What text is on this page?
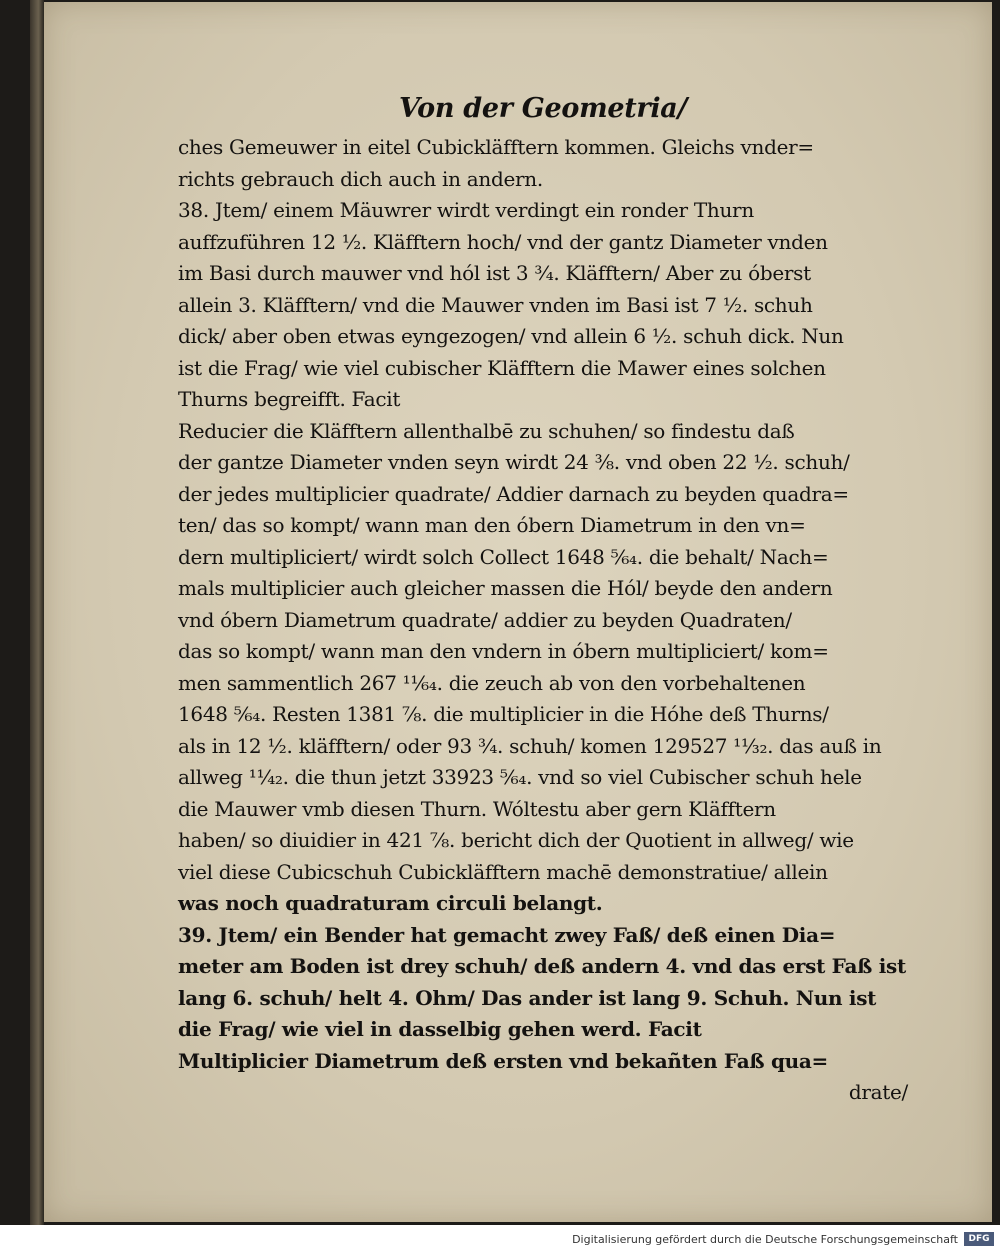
Von der Geometria/
ches Gemeuwer in eitel Cubickläfftern kommen. Gleichs vnder=
richts gebrauch dich auch in andern.
38. Jtem/ einem Mäuwrer wirdt verdingt ein ronder Thurn
auffzuführen 12 ½. Kläfftern hoch/ vnd der gantz Diameter vnden
im Basi durch mauwer vnd hól ist 3 ¾. Kläfftern/ Aber zu óberst
allein 3. Kläfftern/ vnd die Mauwer vnden im Basi ist 7 ½. schuh
dick/ aber oben etwas eyngezogen/ vnd allein 6 ½. schuh dick. Nun
ist die Frag/ wie viel cubischer Kläfftern die Mawer eines solchen
Thurns begreifft. Facit
Reducier die Kläfftern allenthalbē zu schuhen/ so findestu daß
der gantze Diameter vnden seyn wirdt 24 ⅜. vnd oben 22 ½. schuh/
der jedes multiplicier quadrate/ Addier darnach zu beyden quadra=
ten/ das so kompt/ wann man den óbern Diametrum in den vn=
dern multipliciert/ wirdt solch Collect 1648 ⁵⁄₆₄. die behalt/ Nach=
mals multiplicier auch gleicher massen die Hól/ beyde den andern
vnd óbern Diametrum quadrate/ addier zu beyden Quadraten/
das so kompt/ wann man den vndern in óbern multipliciert/ kom=
men sammentlich 267 ¹¹⁄₆₄. die zeuch ab von den vorbehaltenen
1648 ⁵⁄₆₄. Resten 1381 ⅞. die multiplicier in die Hóhe deß Thurns/
als in 12 ½. kläfftern/ oder 93 ¾. schuh/ komen 129527 ¹¹⁄₃₂. das auß in
allweg ¹¹⁄₄₂. die thun jetzt 33923 ⁵⁄₆₄. vnd so viel Cubischer schuh hele
die Mauwer vmb diesen Thurn. Wóltestu aber gern Kläfftern
haben/ so diuidier in 421 ⅞. bericht dich der Quotient in allweg/ wie
viel diese Cubicschuh Cubickläfftern machē demonstratiue/ allein
was noch quadraturam circuli belangt.
39. Jtem/ ein Bender hat gemacht zwey Faß/ deß einen Dia=
meter am Boden ist drey schuh/ deß andern 4. vnd das erst Faß ist
lang 6. schuh/ helt 4. Ohm/ Das ander ist lang 9. Schuh. Nun ist
die Frag/ wie viel in dasselbig gehen werd. Facit
Multiplicier Diametrum deß ersten vnd bekañten Faß qua=
drate/
Digitalisierung gefördert durch die Deutsche Forschungsgemeinschaft	DFG
